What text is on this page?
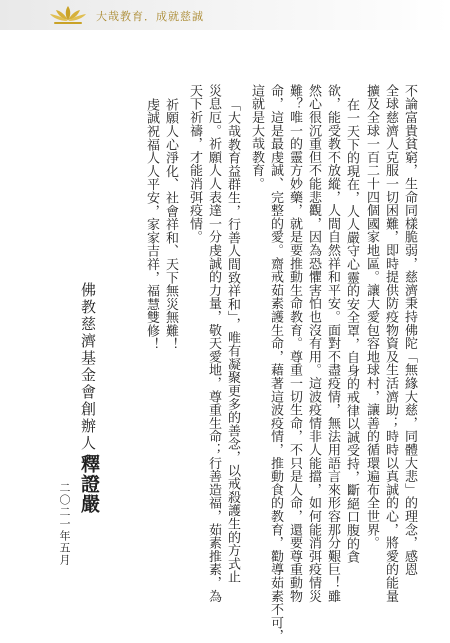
大哉教育．成就慈誠
不論富貴貧窮，生命同樣脆弱，慈濟秉持佛陀「無緣大慈，同體大悲」的理念，感恩
全球慈濟人克服一切困難，即時提供防疫物資及生活濟助；時時以真誠的心，將愛的能量
擴及全球一百二十四個國家地區。讓大愛包容地球村，讓善的循環遍布全世界。
在一天下的現在，人人嚴守心靈的安全罩，自身的戒律以誠受持，斷絕口腹的貪
欲，能受教不放縱，人間自然祥和平安。面對不盡疫情，無法用語言來形容那分艱巨！雖
然心很沉重但不能悲觀，因為恐懼害怕也沒有用。這波疫情非人能擋，如何能消弭疫情災
難？唯一的靈方妙藥，就是要推動生命教育。尊重一切生命，不只是人命，還要尊重動物
命，這是最虔誠、完整的愛。齋戒茹素護生命，藉著這波疫情，推動食的教育，勸導茹素不可，
這就是大哉教育。
「大哉教育益群生，行善人間致祥和」，唯有凝聚更多的善念，以戒殺護生的方式止
災息厄。祈願人人表達一分虔誠的力量，敬天愛地，尊重生命；行善造福，茹素推素，為
天下祈禱，才能消弭疫情。
祈願人心淨化、社會祥和、天下無災無難！
虔誠祝福人人平安，家家吉祥，福慧雙修！
佛教慈濟基金會創辦人
釋證嚴
二〇二一年五月
